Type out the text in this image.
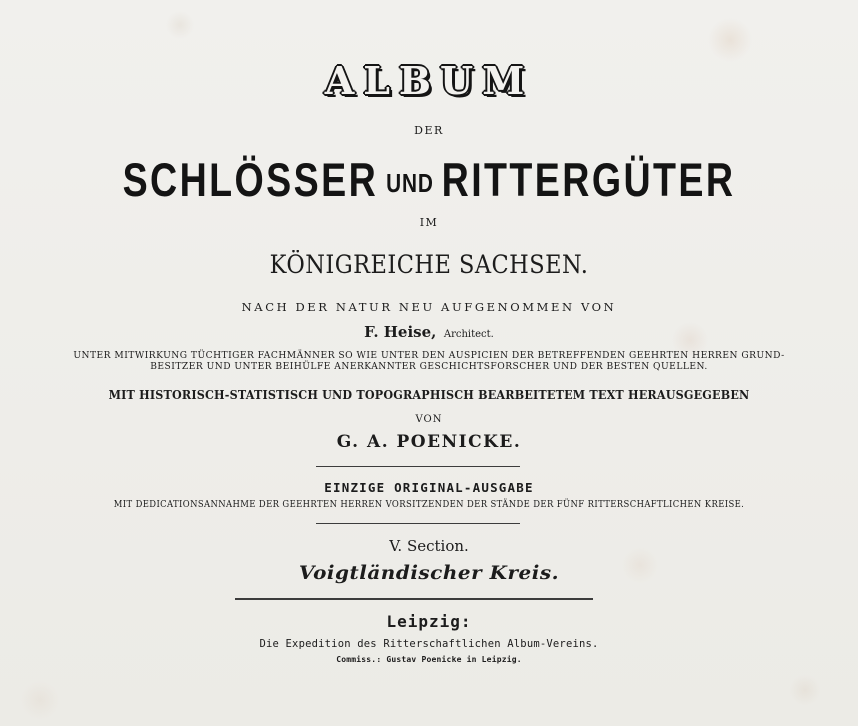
ALBUM
DER
SCHLÖSSER UND RITTERGÜTER
IM
KÖNIGREICHE SACHSEN.
NACH DER NATUR NEU AUFGENOMMEN VON
F. Heise, Architect.
UNTER MITWIRKUNG TÜCHTIGER FACHMÄNNER SO WIE UNTER DEN AUSPICIEN DER BETREFFENDEN GEEHRTEN HERREN GRUND-
BESITZER UND UNTER BEIHÜLFE ANERKANNTER GESCHICHTSFORSCHER UND DER BESTEN QUELLEN.
MIT HISTORISCH-STATISTISCH UND TOPOGRAPHISCH BEARBEITETEM TEXT HERAUSGEGEBEN
VON
G. A. POENICKE.
EINZIGE ORIGINAL-AUSGABE
MIT DEDICATIONSANNAHME DER GEEHRTEN HERREN VORSITZENDEN DER STÄNDE DER FÜNF RITTERSCHAFTLICHEN KREISE.
V. Section.
Voigtländischer Kreis.
Leipzig:
Die Expedition des Ritterschaftlichen Album-Vereins.
Commiss.: Gustav Poenicke in Leipzig.
